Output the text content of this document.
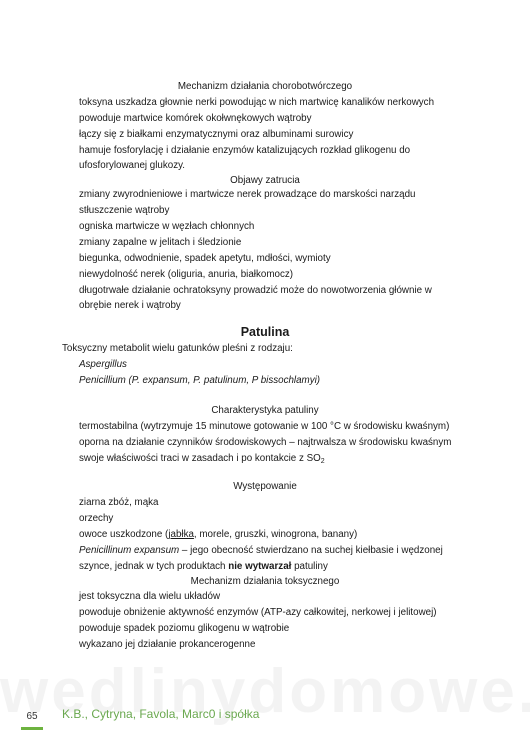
Mechanizm działania chorobotwórczego
toksyna uszkadza głownie nerki powodując w nich martwicę kanalików nerkowych
powoduje martwice komórek okołwnękowych wątroby
łączy się z białkami enzymatycznymi oraz albuminami surowicy
hamuje fosforylację i działanie enzymów katalizujących rozkład glikogenu do
ufosforylowanej glukozy.
Objawy zatrucia
zmiany zwyrodnieniowe i martwicze nerek prowadzące do marskości narządu
stłuszczenie wątroby
ogniska martwicze w węzłach chłonnych
zmiany zapalne w jelitach i śledzionie
biegunka, odwodnienie, spadek apetytu, mdłości, wymioty
niewydolność nerek (oliguria, anuria, białkomocz)
długotrwałe działanie ochratoksyny prowadzić może do nowotworzenia głównie w
obrębie nerek i wątroby
Patulina
Toksyczny metabolit wielu gatunków pleśni z rodzaju:
Aspergillus
Penicillium (P. expansum, P. patulinum, P bissochlamyi)
Charakterystyka patuliny
termostabilna (wytrzymuje 15 minutowe gotowanie w 100 °C w środowisku kwaśnym)
oporna na działanie czynników środowiskowych – najtrwalsza w środowisku kwaśnym
swoje właściwości traci w zasadach i po kontakcie z $SO_2$
Występowanie
ziarna zbóż, mąka
orzechy
owoce uszkodzone (jabłka, morele, gruszki, winogrona, banany)
Penicillinum expansum – jego obecność stwierdzano na suchej kiełbasie i wędzonej
szynce, jednak w tych produktach nie wytwarzał patuliny
Mechanizm działania toksycznego
jest toksyczna dla wielu układów
powoduje obniżenie aktywność enzymów (ATP-azy całkowitej, nerkowej i jelitowej)
powoduje spadek poziomu glikogenu w wątrobie
wykazano jej działanie prokancerogenne
65	K.B., Cytryna, Favola, Marc0 i spółka
